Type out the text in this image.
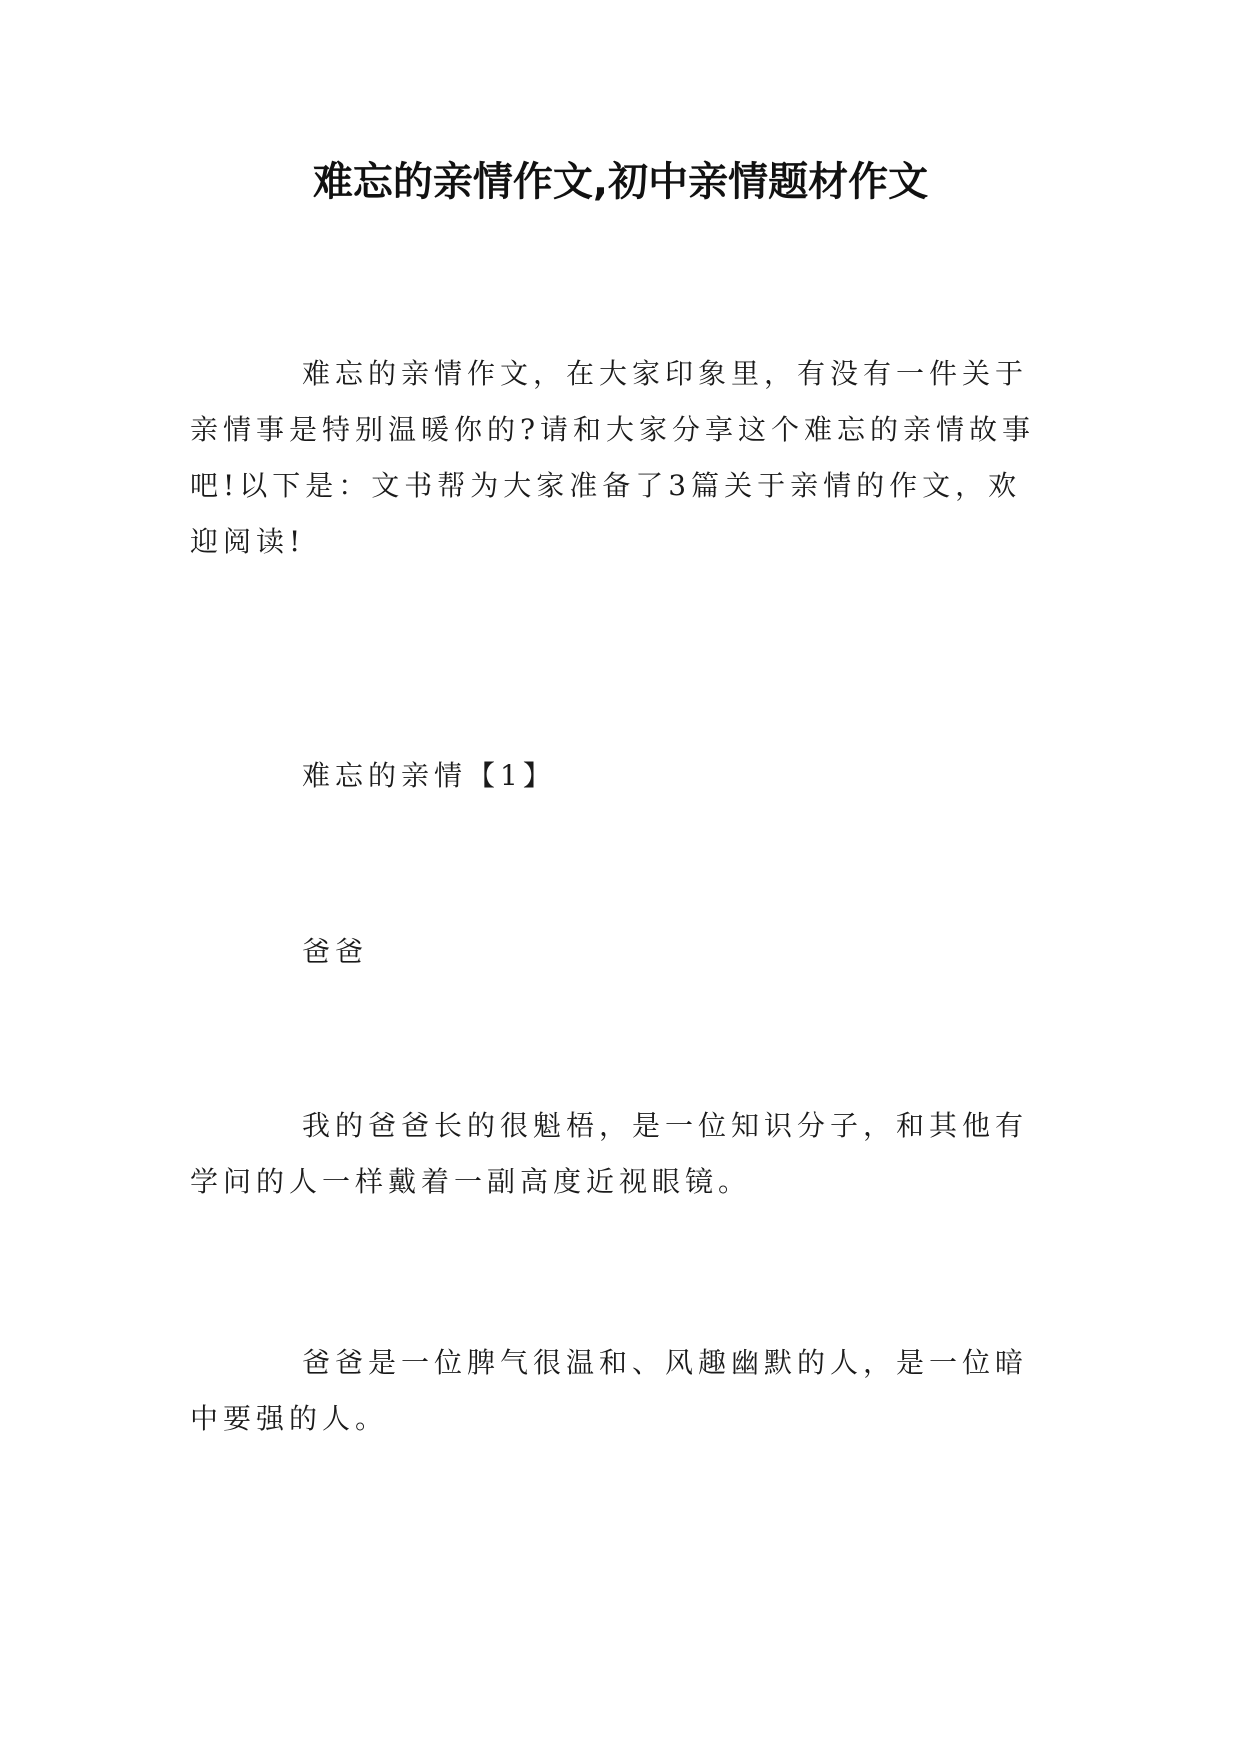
难忘的亲情作文,初中亲情题材作文

难忘的亲情作文，在大家印象里，有没有一件关于亲情事是特别温暖你的?请和大家分享这个难忘的亲情故事吧!以下是：文书帮为大家准备了3篇关于亲情的作文，欢迎阅读!

难忘的亲情【1】

爸爸

我的爸爸长的很魁梧，是一位知识分子，和其他有学问的人一样戴着一副高度近视眼镜。

爸爸是一位脾气很温和、风趣幽默的人，是一位暗中要强的人。
